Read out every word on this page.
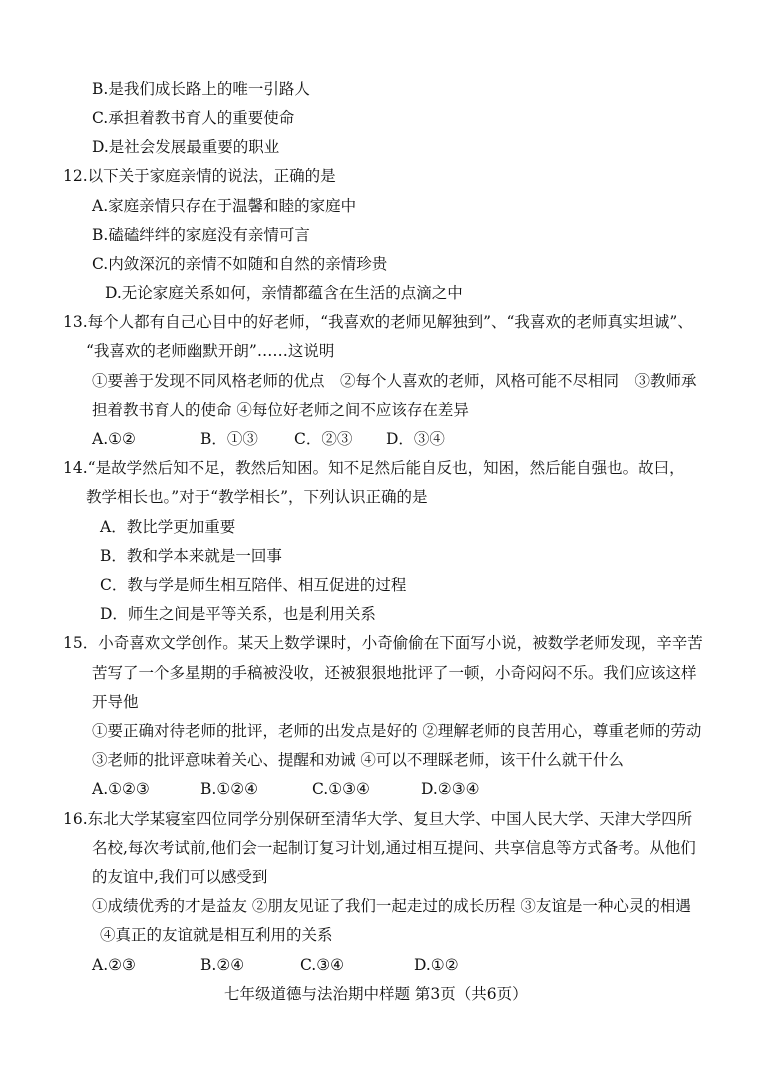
B.是我们成长路上的唯一引路人
C.承担着教书育人的重要使命
D.是社会发展最重要的职业
12.以下关于家庭亲情的说法，正确的是
A.家庭亲情只存在于温馨和睦的家庭中
B.磕磕绊绊的家庭没有亲情可言
C.内敛深沉的亲情不如随和自然的亲情珍贵
D.无论家庭关系如何，亲情都蕴含在生活的点滴之中
13.每个人都有自己心目中的好老师，“我喜欢的老师见解独到”、“我喜欢的老师真实坦诚”、
“我喜欢的老师幽默开朗”……这说明
①要善于发现不同风格老师的优点　②每个人喜欢的老师，风格可能不尽相同　③教师承
担着教书育人的使命 ④每位好老师之间不应该存在差异
A.①②	B．①③ C．②③ D．③④
14.“是故学然后知不足，教然后知困。知不足然后能自反也，知困，然后能自强也。故曰，
教学相长也。”对于“教学相长”，下列认识正确的是
A．教比学更加重要
B．教和学本来就是一回事
C．教与学是师生相互陪伴、相互促进的过程
D．师生之间是平等关系，也是利用关系
15．小奇喜欢文学创作。某天上数学课时，小奇偷偷在下面写小说，被数学老师发现，辛辛苦
苦写了一个多星期的手稿被没收，还被狠狠地批评了一顿，小奇闷闷不乐。我们应该这样
开导他
①要正确对待老师的批评，老师的出发点是好的 ②理解老师的良苦用心，尊重老师的劳动
③老师的批评意味着关心、提醒和劝诫 ④可以不理睬老师，该干什么就干什么
A.①②③	B.①②④	C.①③④	D.②③④
16.东北大学某寝室四位同学分别保研至清华大学、复旦大学、中国人民大学、天津大学四所
名校,每次考试前,他们会一起制订复习计划,通过相互提问、共享信息等方式备考。从他们
的友谊中,我们可以感受到
①成绩优秀的才是益友 ②朋友见证了我们一起走过的成长历程 ③友谊是一种心灵的相遇
④真正的友谊就是相互利用的关系
A.②③	B.②④	C.③④	D.①②
七年级道德与法治期中样题 第3页（共6页）
